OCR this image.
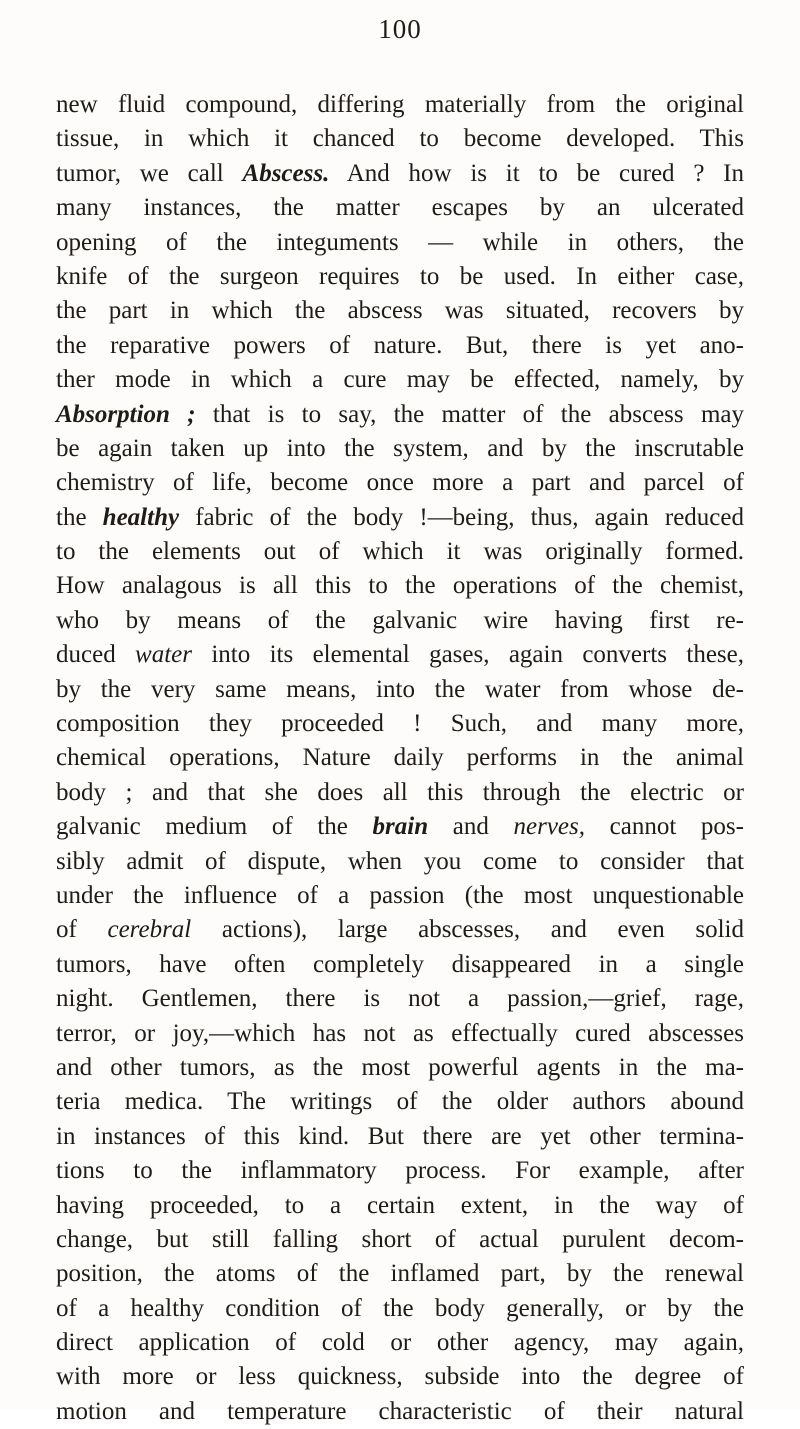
100
new fluid compound, differing materially from the original
tissue, in which it chanced to become developed. This
tumor, we call Abscess. And how is it to be cured ? In
many instances, the matter escapes by an ulcerated
opening of the integuments — while in others, the
knife of the surgeon requires to be used. In either case,
the part in which the abscess was situated, recovers by
the reparative powers of nature. But, there is yet ano-
ther mode in which a cure may be effected, namely, by
Absorption ; that is to say, the matter of the abscess may
be again taken up into the system, and by the inscrutable
chemistry of life, become once more a part and parcel of
the healthy fabric of the body !—being, thus, again reduced
to the elements out of which it was originally formed.
How analagous is all this to the operations of the chemist,
who by means of the galvanic wire having first re-
duced water into its elemental gases, again converts these,
by the very same means, into the water from whose de-
composition they proceeded ! Such, and many more,
chemical operations, Nature daily performs in the animal
body ; and that she does all this through the electric or
galvanic medium of the brain and nerves, cannot pos-
sibly admit of dispute, when you come to consider that
under the influence of a passion (the most unquestionable
of cerebral actions), large abscesses, and even solid
tumors, have often completely disappeared in a single
night. Gentlemen, there is not a passion,—grief, rage,
terror, or joy,—which has not as effectually cured abscesses
and other tumors, as the most powerful agents in the ma-
teria medica. The writings of the older authors abound
in instances of this kind. But there are yet other termina-
tions to the inflammatory process. For example, after
having proceeded, to a certain extent, in the way of
change, but still falling short of actual purulent decom-
position, the atoms of the inflamed part, by the renewal
of a healthy condition of the body generally, or by the
direct application of cold or other agency, may again,
with more or less quickness, subside into the degree of
motion and temperature characteristic of their natural
